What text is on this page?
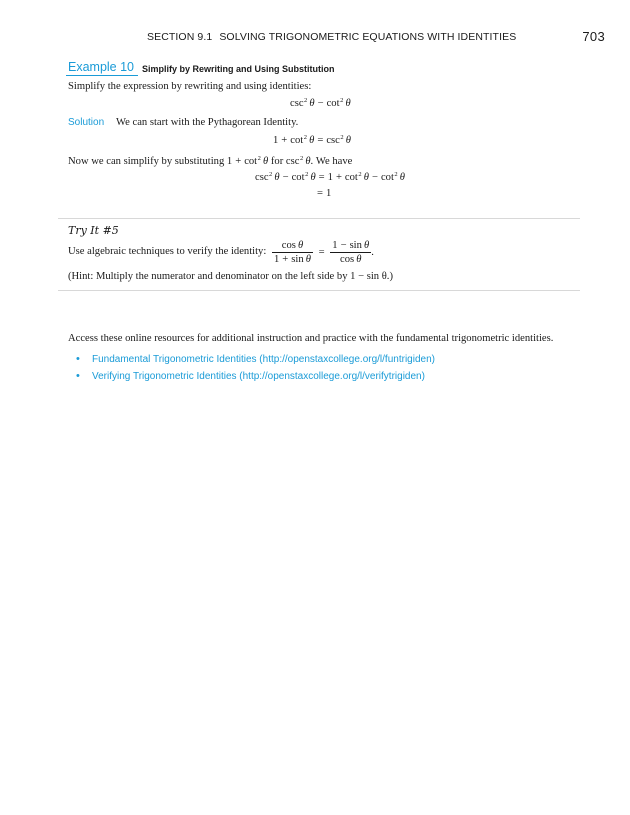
SECTION 9.1 SOLVING TRIGONOMETRIC EQUATIONS WITH IDENTITIES	703
Example 10 Simplify by Rewriting and Using Substitution
Simplify the expression by rewriting and using identities:
$\csc^2 \theta - \cot^2 \theta$
Solution We can start with the Pythagorean Identity.
$1 + \cot^2 \theta = \csc^2 \theta$
Now we can simplify by substituting $1 + \cot^2 \theta$ for $\csc^2 \theta$. We have
$\csc^2 \theta - \cot^2 \theta = 1 + \cot^2 \theta - \cot^2 \theta$
= 1
Try It #5
Use algebraic techniques to verify the identity: $\frac{\text{cos θ}}{\text{1 + sin θ}} = \frac{\text{1 − sin θ}}{\text{cos θ}}$ .
(Hint: Multiply the numerator and denominator on the left side by 1 − sin θ.)
Access these online resources for additional instruction and practice with the fundamental trigonometric identities.
• Fundamental Trigonometric Identities (http://openstaxcollege.org/l/funtrigiden)
• Verifying Trigonometric Identities (http://openstaxcollege.org/l/verifytrigiden)
